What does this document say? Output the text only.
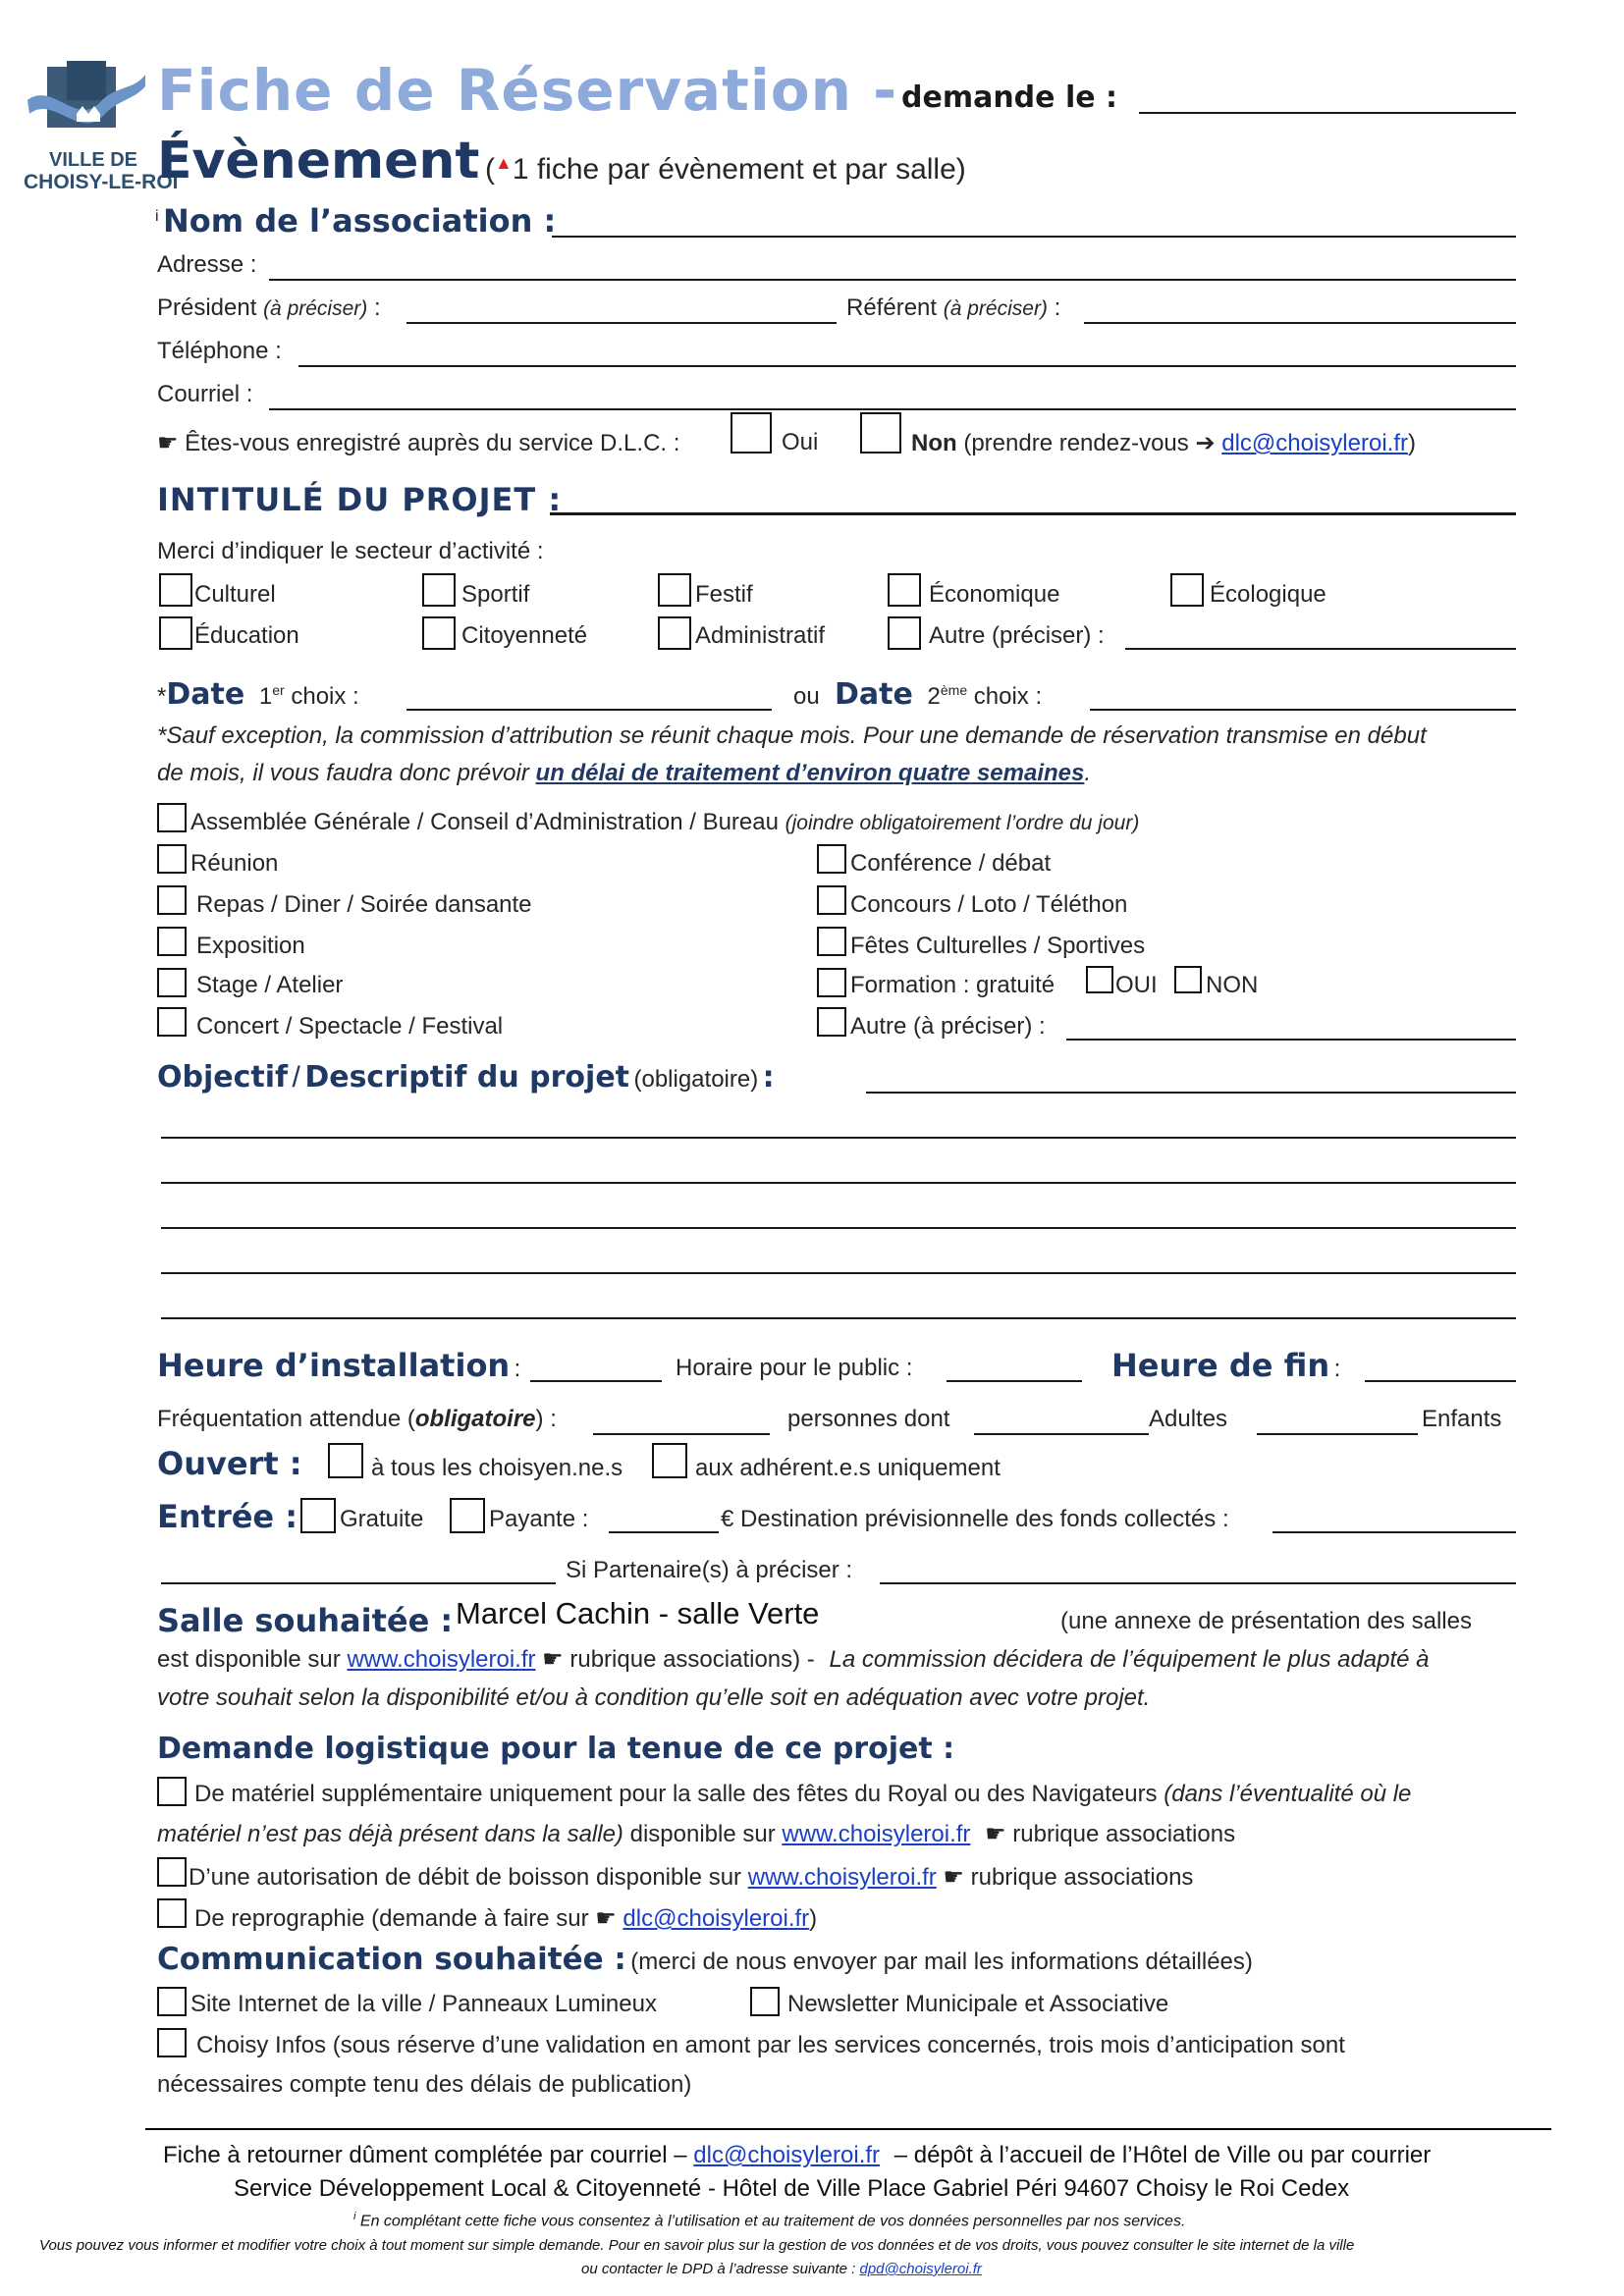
VILLE DE
CHOISY-LE-ROI
Fiche de Réservation - demande le :
Évènement (▲1 fiche par évènement et par salle)
i Nom de l’association :
Adresse :
Président (à préciser) :	Référent (à préciser) :
Téléphone :
Courriel :
☛ Êtes-vous enregistré auprès du service D.L.C. :	Oui	Non (prendre rendez-vous ➔ dlc@choisyleroi.fr)
INTITULÉ DU PROJET :
Merci d’indiquer le secteur d’activité :
Culturel	Sportif	Festif	Économique	Écologique
Éducation	Citoyenneté	Administratif	Autre (préciser) :
*Date 1er choix :	ou Date 2ème choix :
*Sauf exception, la commission d’attribution se réunit chaque mois. Pour une demande de réservation transmise en début
de mois, il vous faudra donc prévoir un délai de traitement d’environ quatre semaines.
Assemblée Générale / Conseil d’Administration / Bureau (joindre obligatoirement l’ordre du jour)
Réunion
Repas / Diner / Soirée dansante
Exposition
Stage / Atelier
Concert / Spectacle / Festival
Conférence / débat
Concours / Loto / Téléthon
Fêtes Culturelles / Sportives
Formation : gratuité	OUI NON
Autre (à préciser) :
Objectif / Descriptif du projet (obligatoire) :
Heure d’installation :	Horaire pour le public :	Heure de fin :
Fréquentation attendue (obligatoire) :	personnes dont	Adultes	Enfants
Ouvert :	à tous les choisyen.ne.s	aux adhérent.e.s uniquement
Entrée : Gratuite	Payante :	€ Destination prévisionnelle des fonds collectés :
Si Partenaire(s) à préciser :
Salle souhaitée : Marcel Cachin - salle Verte	(une annexe de présentation des salles
est disponible sur www.choisyleroi.fr ☛ rubrique associations) - La commission décidera de l’équipement le plus adapté à
votre souhait selon la disponibilité et/ou à condition qu’elle soit en adéquation avec votre projet.
Demande logistique pour la tenue de ce projet :
De matériel supplémentaire uniquement pour la salle des fêtes du Royal ou des Navigateurs (dans l’éventualité où le
matériel n’est pas déjà présent dans la salle) disponible sur www.choisyleroi.fr ☛ rubrique associations
D’une autorisation de débit de boisson disponible sur www.choisyleroi.fr ☛ rubrique associations
De reprographie (demande à faire sur ☛ dlc@choisyleroi.fr)
Communication souhaitée : (merci de nous envoyer par mail les informations détaillées)
Site Internet de la ville / Panneaux Lumineux	Newsletter Municipale et Associative
Choisy Infos (sous réserve d’une validation en amont par les services concernés, trois mois d’anticipation sont
nécessaires compte tenu des délais de publication)
Fiche à retourner dûment complétée par courriel – dlc@choisyleroi.fr – dépôt à l’accueil de l’Hôtel de Ville ou par courrier
Service Développement Local & Citoyenneté - Hôtel de Ville Place Gabriel Péri 94607 Choisy le Roi Cedex
$^i$ En complétant cette fiche vous consentez à l’utilisation et au traitement de vos données personnelles par nos services.
Vous pouvez vous informer et modifier votre choix à tout moment sur simple demande. Pour en savoir plus sur la gestion de vos données et de vos droits, vous pouvez consulter le site internet de la ville
ou contacter le DPD à l’adresse suivante : dpd@choisyleroi.fr
